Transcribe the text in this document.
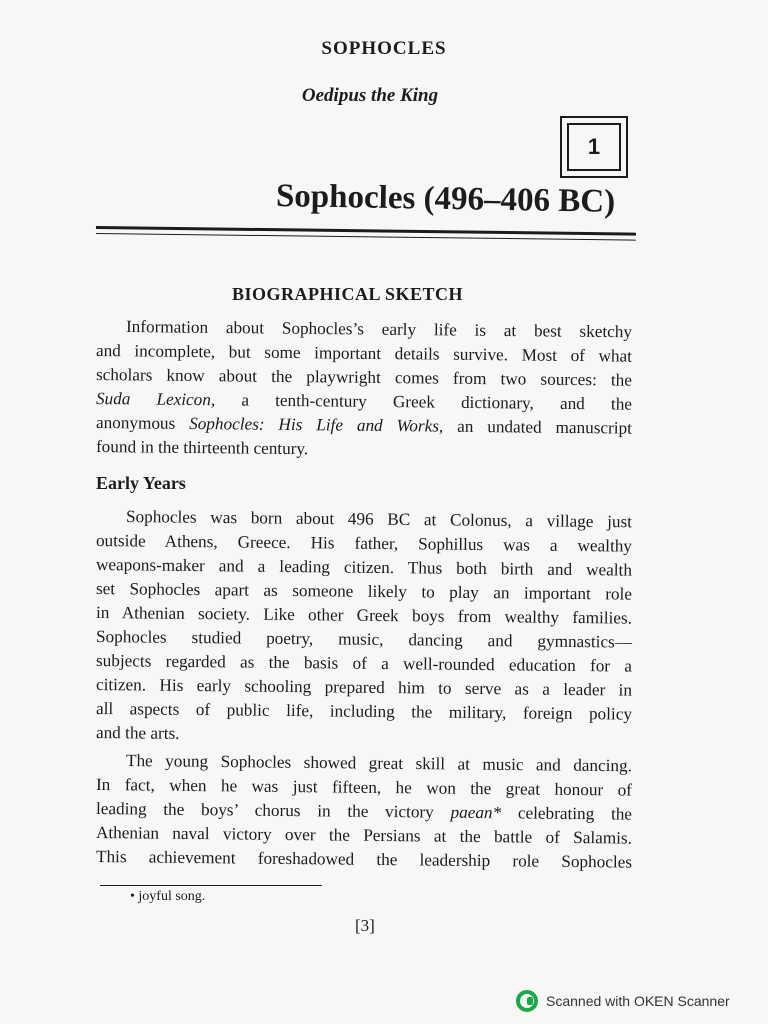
SOPHOCLES
Oedipus the King
1
Sophocles (496–406 BC)
BIOGRAPHICAL SKETCH
Information about Sophocles’s early life is at best sketchy
and incomplete, but some important details survive. Most of what
scholars know about the playwright comes from two sources: the
Suda Lexicon, a tenth-century Greek dictionary, and the
anonymous Sophocles: His Life and Works, an undated manuscript
found in the thirteenth century.
Early Years
Sophocles was born about 496 BC at Colonus, a village just
outside Athens, Greece. His father, Sophillus was a wealthy
weapons-maker and a leading citizen. Thus both birth and wealth
set Sophocles apart as someone likely to play an important role
in Athenian society. Like other Greek boys from wealthy families.
Sophocles studied poetry, music, dancing and gymnastics—
subjects regarded as the basis of a well-rounded education for a
citizen. His early schooling prepared him to serve as a leader in
all aspects of public life, including the military, foreign policy
and the arts.
The young Sophocles showed great skill at music and dancing.
In fact, when he was just fifteen, he won the great honour of
leading the boys’ chorus in the victory paean* celebrating the
Athenian naval victory over the Persians at the battle of Salamis.
This achievement foreshadowed the leadership role Sophocles
• joyful song.
[3]
Scanned with OKEN Scanner
